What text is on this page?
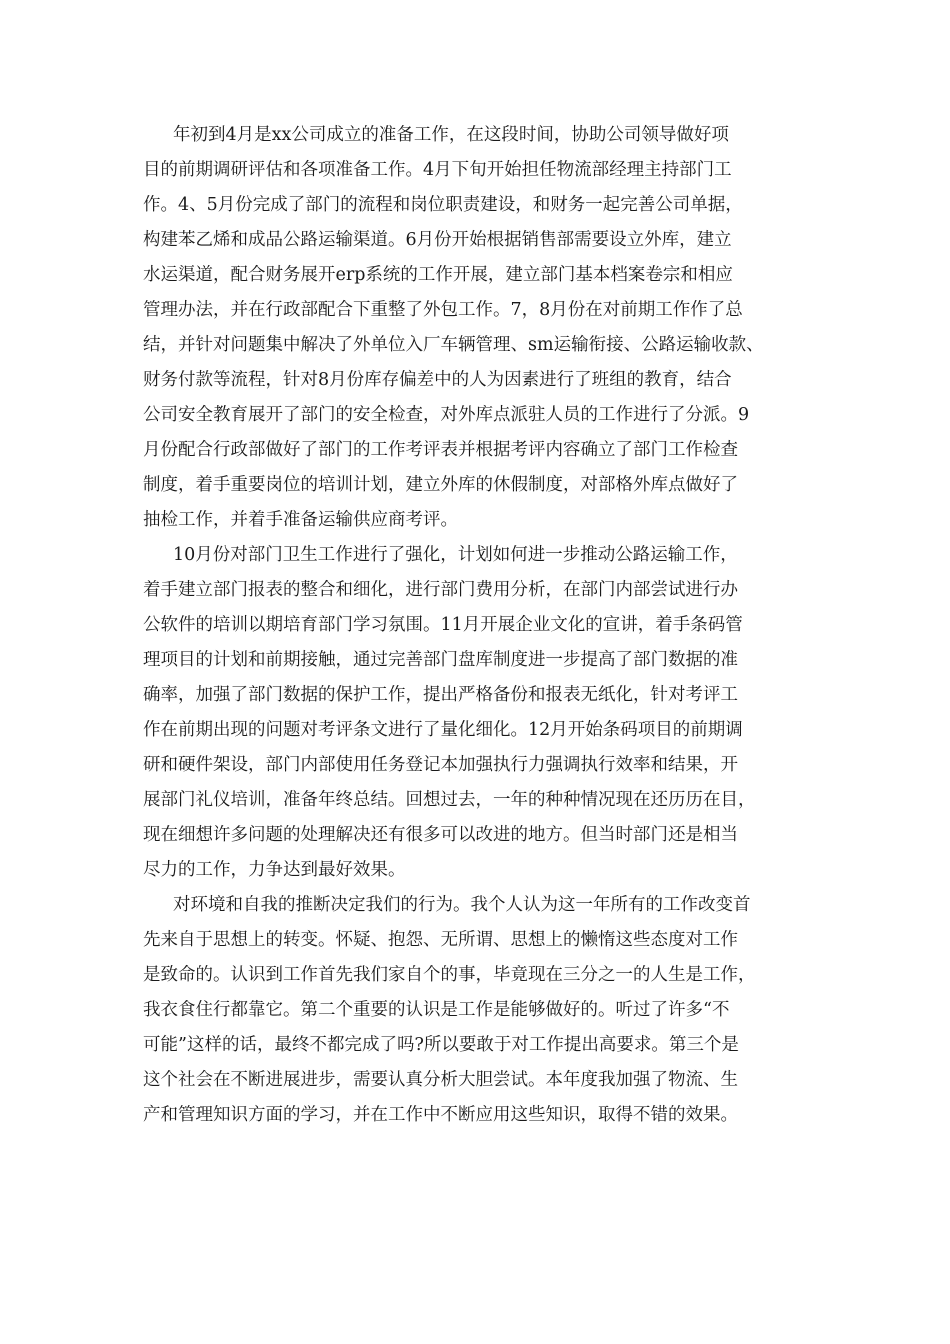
年初到4月是xx公司成立的准备工作，在这段时间，协助公司领导做好项
目的前期调研评估和各项准备工作。4月下旬开始担任物流部经理主持部门工
作。4、5月份完成了部门的流程和岗位职责建设，和财务一起完善公司单据，
构建苯乙烯和成品公路运输渠道。6月份开始根据销售部需要设立外库，建立
水运渠道，配合财务展开erp系统的工作开展，建立部门基本档案卷宗和相应
管理办法，并在行政部配合下重整了外包工作。7，8月份在对前期工作作了总
结，并针对问题集中解决了外单位入厂车辆管理、sm运输衔接、公路运输收款、
财务付款等流程，针对8月份库存偏差中的人为因素进行了班组的教育，结合
公司安全教育展开了部门的安全检查，对外库点派驻人员的工作进行了分派。9
月份配合行政部做好了部门的工作考评表并根据考评内容确立了部门工作检查
制度，着手重要岗位的培训计划，建立外库的休假制度，对部格外库点做好了
抽检工作，并着手准备运输供应商考评。
10月份对部门卫生工作进行了强化，计划如何进一步推动公路运输工作，
着手建立部门报表的整合和细化，进行部门费用分析，在部门内部尝试进行办
公软件的培训以期培育部门学习氛围。11月开展企业文化的宣讲，着手条码管
理项目的计划和前期接触，通过完善部门盘库制度进一步提高了部门数据的准
确率，加强了部门数据的保护工作，提出严格备份和报表无纸化，针对考评工
作在前期出现的问题对考评条文进行了量化细化。12月开始条码项目的前期调
研和硬件架设，部门内部使用任务登记本加强执行力强调执行效率和结果，开
展部门礼仪培训，准备年终总结。回想过去，一年的种种情况现在还历历在目，
现在细想许多问题的处理解决还有很多可以改进的地方。但当时部门还是相当
尽力的工作，力争达到最好效果。
对环境和自我的推断决定我们的行为。我个人认为这一年所有的工作改变首
先来自于思想上的转变。怀疑、抱怨、无所谓、思想上的懒惰这些态度对工作
是致命的。认识到工作首先我们家自个的事，毕竟现在三分之一的人生是工作，
我衣食住行都靠它。第二个重要的认识是工作是能够做好的。听过了许多“不
可能”这样的话，最终不都完成了吗?所以要敢于对工作提出高要求。第三个是
这个社会在不断进展进步，需要认真分析大胆尝试。本年度我加强了物流、生
产和管理知识方面的学习，并在工作中不断应用这些知识，取得不错的效果。
